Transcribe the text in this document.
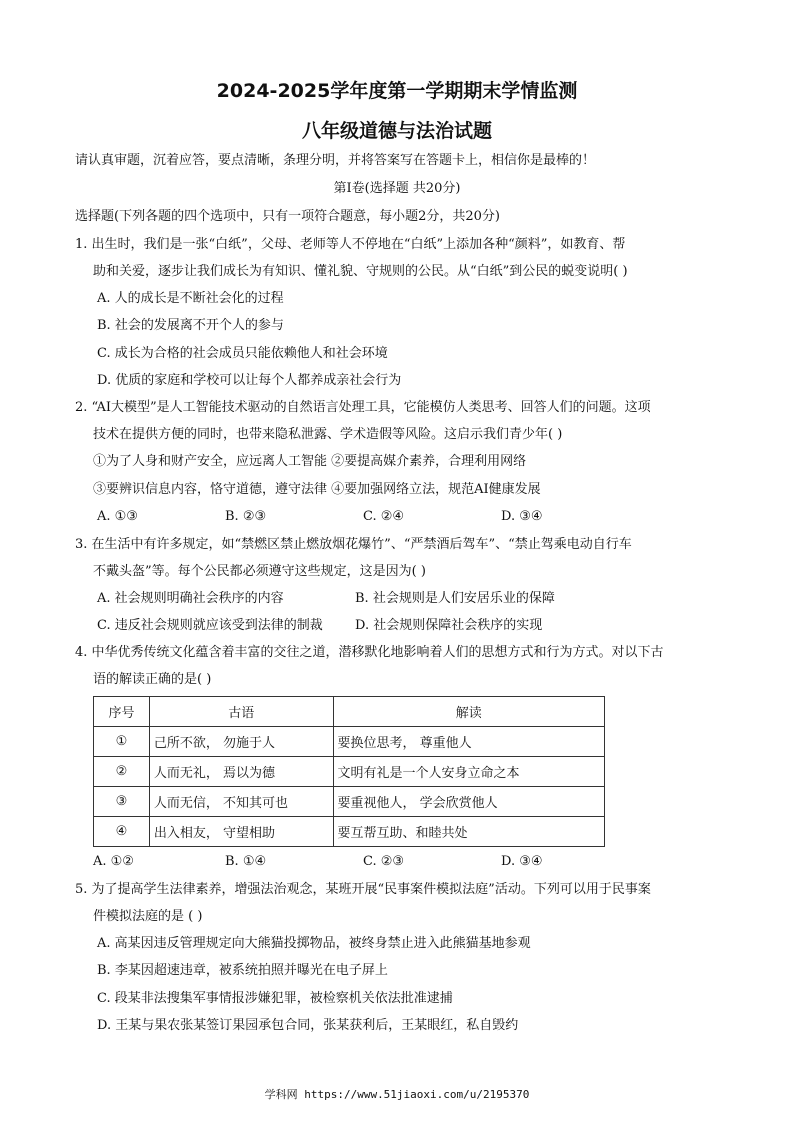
2024-2025学年度第一学期期末学情监测
八年级道德与法治试题
请认真审题，沉着应答，要点清晰，条理分明，并将答案写在答题卡上，相信你是最棒的！
第Ⅰ卷(选择题 共20分)
选择题(下列各题的四个选项中，只有一项符合题意，每小题2分，共20分)
1. 出生时，我们是一张“白纸”，父母、老师等人不停地在“白纸”上添加各种“颜料”，如教育、帮
助和关爱，逐步让我们成长为有知识、懂礼貌、守规则的公民。从“白纸”到公民的蜕变说明( )
A. 人的成长是不断社会化的过程
B. 社会的发展离不开个人的参与
C. 成长为合格的社会成员只能依赖他人和社会环境
D. 优质的家庭和学校可以让每个人都养成亲社会行为
2. “AI大模型”是人工智能技术驱动的自然语言处理工具，它能模仿人类思考、回答人们的问题。这项
技术在提供方便的同时，也带来隐私泄露、学术造假等风险。这启示我们青少年( )
①为了人身和财产安全，应远离人工智能 ②要提高媒介素养，合理利用网络
③要辨识信息内容，恪守道德，遵守法律 ④要加强网络立法，规范AI健康发展
A. ①③	B. ②③	C. ②④	D. ③④
3. 在生活中有许多规定，如“禁燃区禁止燃放烟花爆竹”、“严禁酒后驾车”、“禁止驾乘电动自行车
不戴头盔”等。每个公民都必须遵守这些规定，这是因为( )
A. 社会规则明确社会秩序的内容	B. 社会规则是人们安居乐业的保障
C. 违反社会规则就应该受到法律的制裁 D. 社会规则保障社会秩序的实现
4. 中华优秀传统文化蕴含着丰富的交往之道，潜移默化地影响着人们的思想方式和行为方式。对以下古
语的解读正确的是( )
序号	古语	解读
①	己所不欲， 勿施于人	要换位思考， 尊重他人
②	人而无礼， 焉以为德	文明有礼是一个人安身立命之本
③	人而无信， 不知其可也	要重视他人， 学会欣赏他人
④	出入相友， 守望相助	要互帮互助、和睦共处
A. ①②	B. ①④	C. ②③	D. ③④
5. 为了提高学生法律素养，增强法治观念，某班开展“民事案件模拟法庭”活动。下列可以用于民事案
件模拟法庭的是 ( )
A. 高某因违反管理规定向大熊猫投掷物品，被终身禁止进入此熊猫基地参观
B. 李某因超速违章，被系统拍照并曝光在电子屏上
C. 段某非法搜集军事情报涉嫌犯罪，被检察机关依法批准逮捕
D. 王某与果农张某签订果园承包合同，张某获利后，王某眼红，私自毁约
学科网 https://www.51jiaoxi.com/u/2195370
